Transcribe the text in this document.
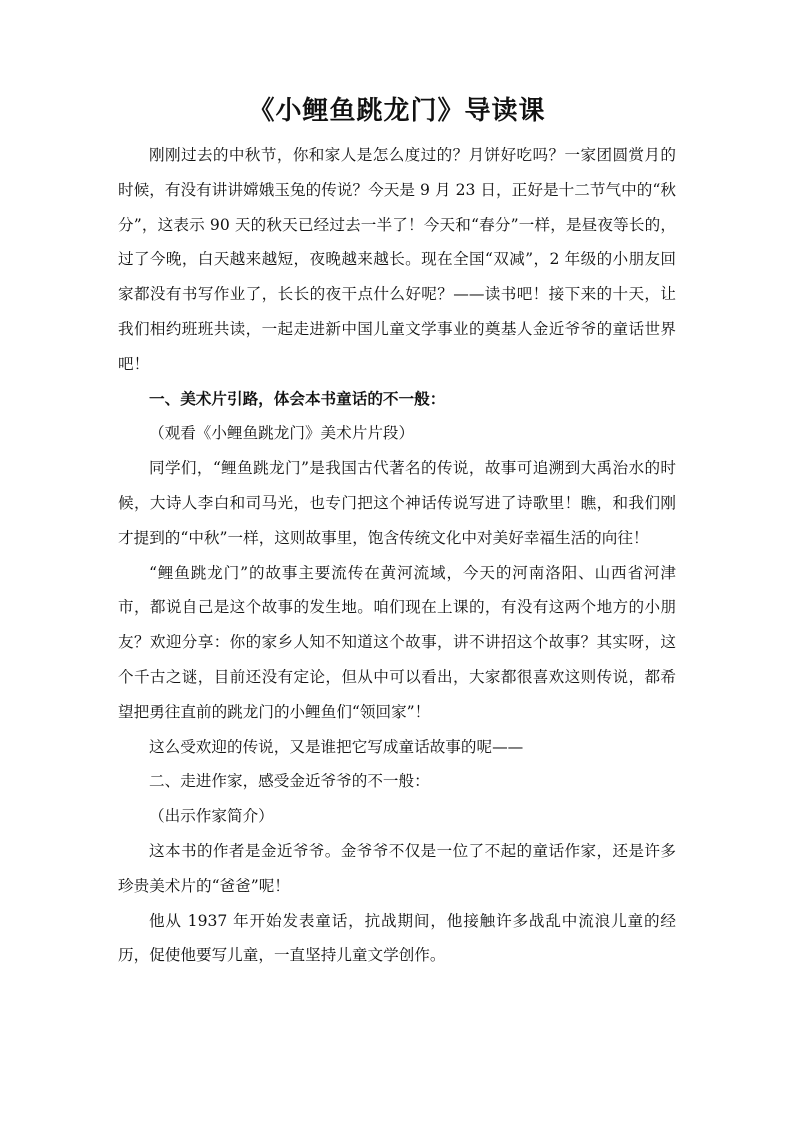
《小鲤鱼跳龙门》导读课

刚刚过去的中秋节，你和家人是怎么度过的？月饼好吃吗？一家团圆赏月的时候，有没有讲讲嫦娥玉兔的传说？今天是 9 月 23 日，正好是十二节气中的“秋分”，这表示 90 天的秋天已经过去一半了！今天和“春分”一样，是昼夜等长的，过了今晚，白天越来越短，夜晚越来越长。现在全国“双减”，2 年级的小朋友回家都没有书写作业了，长长的夜干点什么好呢？——读书吧！接下来的十天，让我们相约班班共读，一起走进新中国儿童文学事业的奠基人金近爷爷的童话世界吧！

一、美术片引路，体会本书童话的不一般：

（观看《小鲤鱼跳龙门》美术片片段）

同学们，“鲤鱼跳龙门”是我国古代著名的传说，故事可追溯到大禹治水的时候，大诗人李白和司马光，也专门把这个神话传说写进了诗歌里！瞧，和我们刚才提到的“中秋”一样，这则故事里，饱含传统文化中对美好幸福生活的向往！

“鲤鱼跳龙门”的故事主要流传在黄河流域，今天的河南洛阳、山西省河津市，都说自己是这个故事的发生地。咱们现在上课的，有没有这两个地方的小朋友？欢迎分享：你的家乡人知不知道这个故事，讲不讲招这个故事？其实呀，这个千古之谜，目前还没有定论，但从中可以看出，大家都很喜欢这则传说，都希望把勇往直前的跳龙门的小鲤鱼们“领回家”！

这么受欢迎的传说，又是谁把它写成童话故事的呢——

二、走进作家，感受金近爷爷的不一般：

（出示作家简介）

这本书的作者是金近爷爷。金爷爷不仅是一位了不起的童话作家，还是许多珍贵美术片的“爸爸”呢！

他从 1937 年开始发表童话，抗战期间，他接触许多战乱中流浪儿童的经历，促使他要写儿童，一直坚持儿童文学创作。
